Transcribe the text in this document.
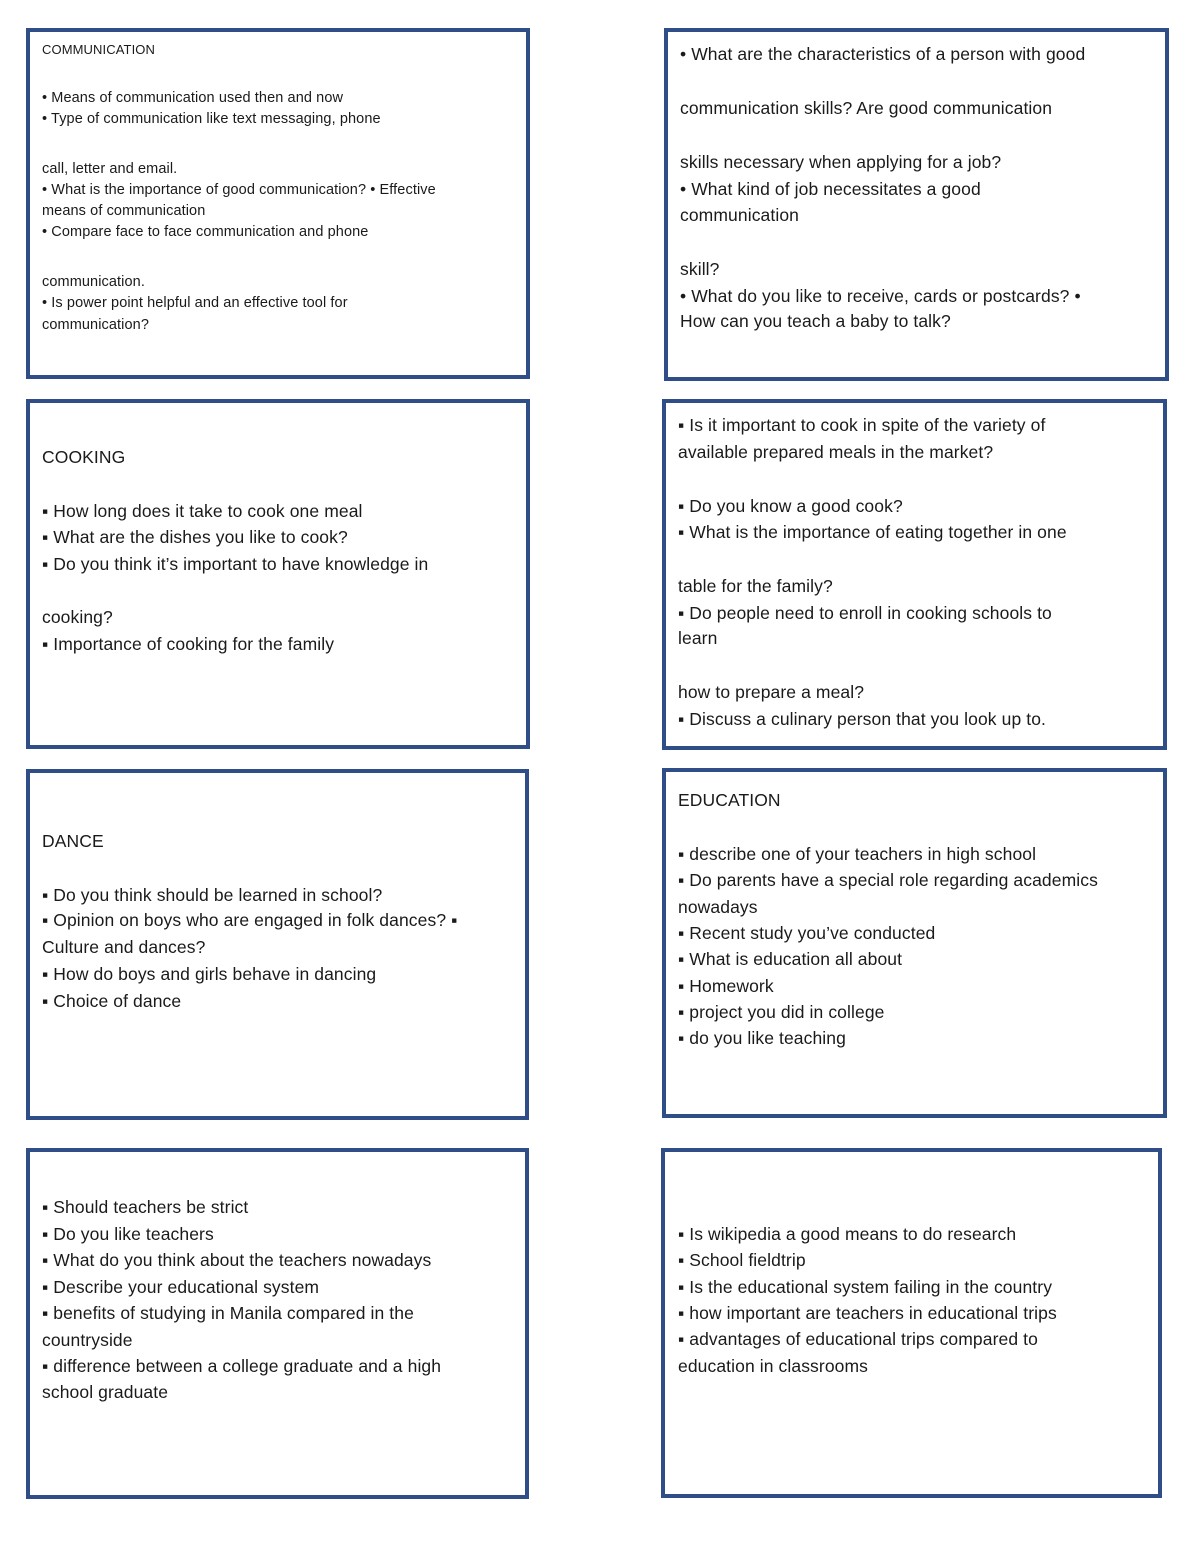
COMMUNICATION
• Means of communication used then and now
• Type of communication like text messaging, phone
call, letter and email.
• What is the importance of good communication? • Effective
means of communication
• Compare face to face communication and phone
communication.
• Is power point helpful and an effective tool for
communication?
• What are the characteristics of a person with good
communication skills? Are good communication
skills necessary when applying for a job?
• What kind of job necessitates a good
communication
skill?
• What do you like to receive, cards or postcards? •
How can you teach a baby to talk?
COOKING
▪ How long does it take to cook one meal
▪ What are the dishes you like to cook?
▪ Do you think it’s important to have knowledge in
cooking?
▪ Importance of cooking for the family
▪ Is it important to cook in spite of the variety of
available prepared meals in the market?
▪ Do you know a good cook?
▪ What is the importance of eating together in one
table for the family?
▪ Do people need to enroll in cooking schools to
learn
how to prepare a meal?
▪ Discuss a culinary person that you look up to.
DANCE
▪ Do you think should be learned in school?
▪ Opinion on boys who are engaged in folk dances? ▪
Culture and dances?
▪ How do boys and girls behave in dancing
▪ Choice of dance
EDUCATION
▪ describe one of your teachers in high school
▪ Do parents have a special role regarding academics
nowadays
▪ Recent study you’ve conducted
▪ What is education all about
▪ Homework
▪ project you did in college
▪ do you like teaching
▪ Should teachers be strict
▪ Do you like teachers
▪ What do you think about the teachers nowadays
▪ Describe your educational system
▪ benefits of studying in Manila compared in the
countryside
▪ difference between a college graduate and a high
school graduate
▪ Is wikipedia a good means to do research
▪ School fieldtrip
▪ Is the educational system failing in the country
▪ how important are teachers in educational trips
▪ advantages of educational trips compared to
education in classrooms
